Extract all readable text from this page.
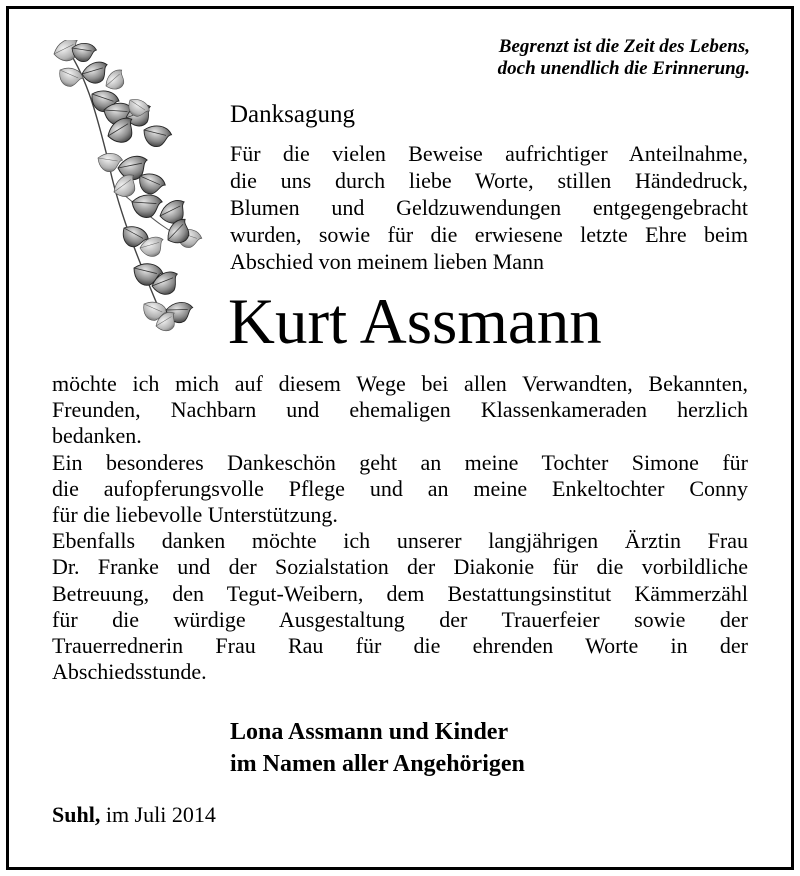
Begrenzt ist die Zeit des Lebens,
doch unendlich die Erinnerung.
Danksagung
Für die vielen Beweise aufrichtiger Anteilnahme,
die uns durch liebe Worte, stillen Händedruck,
Blumen und Geldzuwendungen entgegengebracht
wurden, sowie für die erwiesene letzte Ehre beim
Abschied von meinem lieben Mann
Kurt Assmann
möchte ich mich auf diesem Wege bei allen Verwandten, Bekannten,
Freunden, Nachbarn und ehemaligen Klassenkameraden herzlich
bedanken.
Ein besonderes Dankeschön geht an meine Tochter Simone für
die aufopferungsvolle Pflege und an meine Enkeltochter Conny
für die liebevolle Unterstützung.
Ebenfalls danken möchte ich unserer langjährigen Ärztin Frau
Dr. Franke und der Sozialstation der Diakonie für die vorbildliche
Betreuung, den Tegut-Weibern, dem Bestattungsinstitut Kämmerzähl
für die würdige Ausgestaltung der Trauerfeier sowie der
Trauerrednerin Frau Rau für die ehrenden Worte in der
Abschiedsstunde.
Lona Assmann und Kinder
im Namen aller Angehörigen
Suhl, im Juli 2014
